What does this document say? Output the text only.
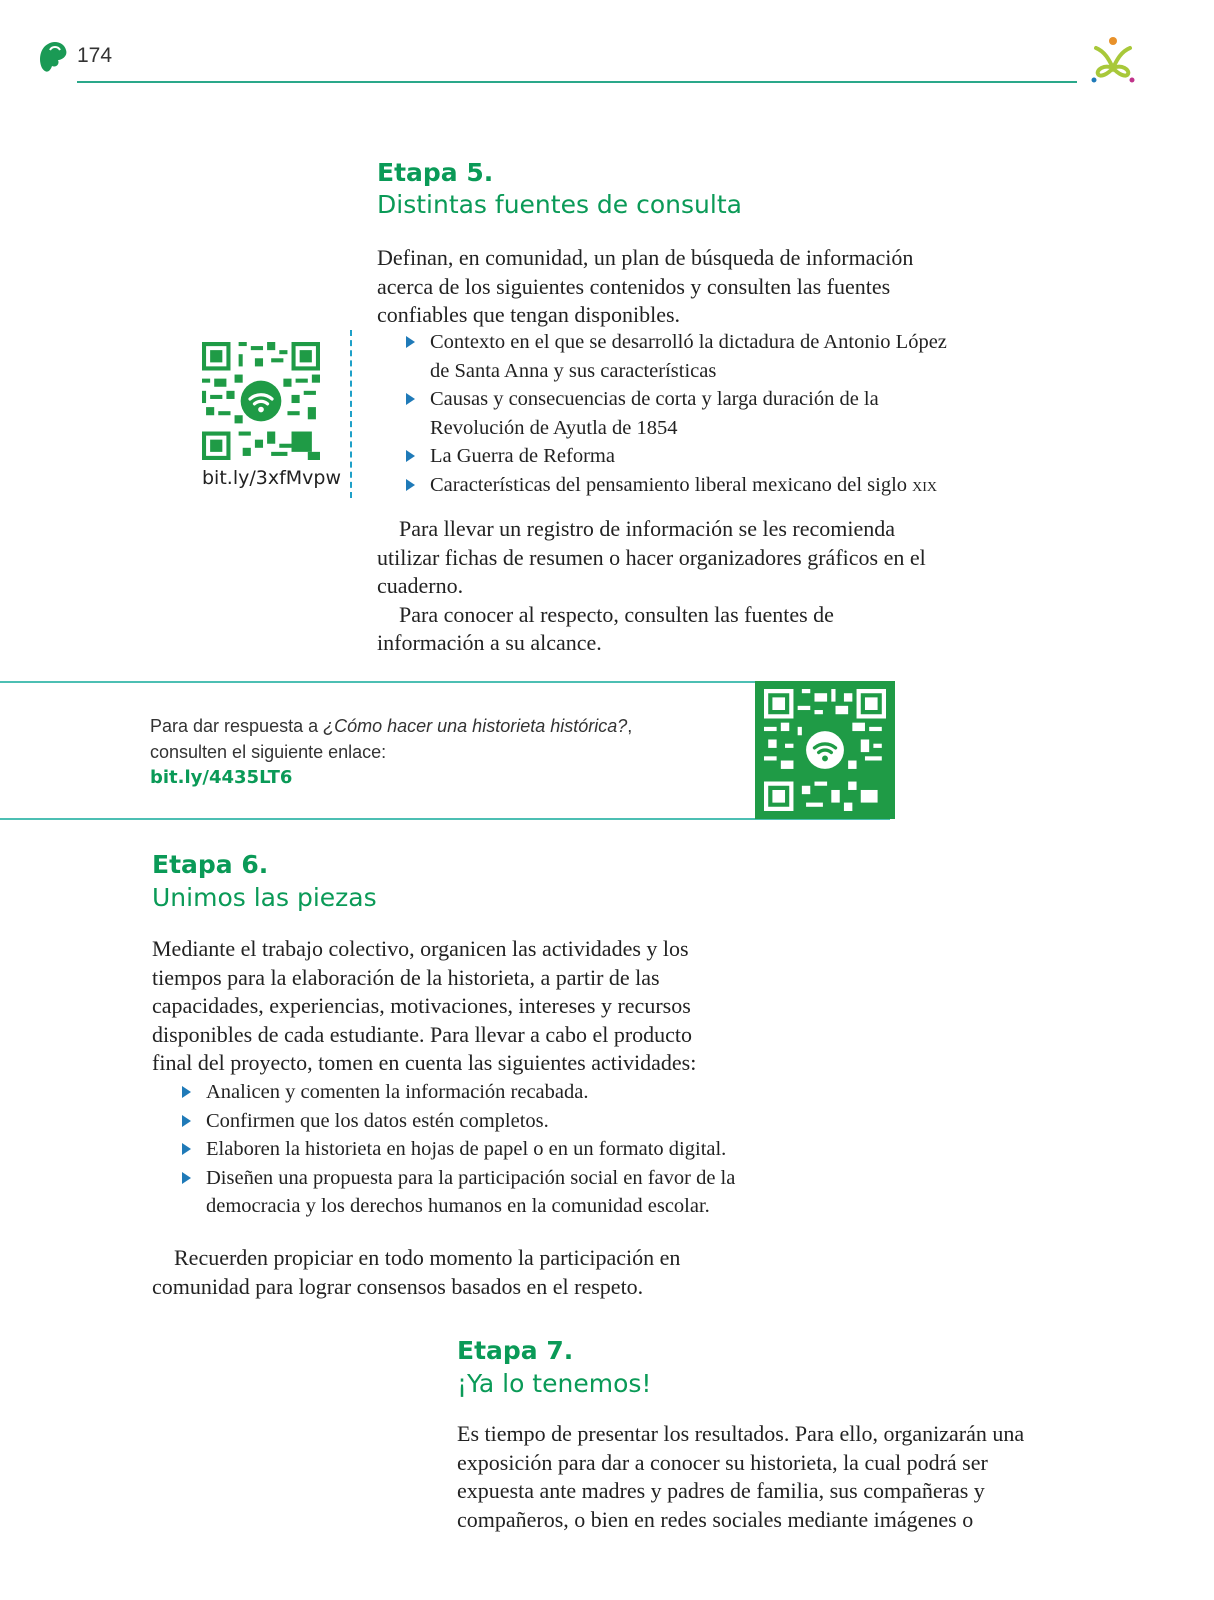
174
Etapa 5.
Distintas fuentes de consulta

Definan, en comunidad, un plan de búsqueda de información acerca de los siguientes contenidos y consulten las fuentes confiables que tengan disponibles.

Contexto en el que se desarrolló la dictadura de Antonio López de Santa Anna y sus características
Causas y consecuencias de corta y larga duración de la Revolución de Ayutla de 1854
La Guerra de Reforma
Características del pensamiento liberal mexicano del siglo xix

Para llevar un registro de información se les recomienda utilizar fichas de resumen o hacer organizadores gráficos en el cuaderno.

Para conocer al respecto, consulten las fuentes de información a su alcance.

bit.ly/3xfMvpw
Para dar respuesta a ¿Cómo hacer una historieta histórica?,
consulten el siguiente enlace:
bit.ly/4435LT6
Etapa 6.
Unimos las piezas

Mediante el trabajo colectivo, organicen las actividades y los tiempos para la elaboración de la historieta, a partir de las capacidades, experiencias, motivaciones, intereses y recursos disponibles de cada estudiante. Para llevar a cabo el producto final del proyecto, tomen en cuenta las siguientes actividades:

Analicen y comenten la información recabada.
Confirmen que los datos estén completos.
Elaboren la historieta en hojas de papel o en un formato digital.
Diseñen una propuesta para la participación social en favor de la democracia y los derechos humanos en la comunidad escolar.

Recuerden propiciar en todo momento la participación en comunidad para lograr consensos basados en el respeto.

Etapa 7.
¡Ya lo tenemos!

Es tiempo de presentar los resultados. Para ello, organizarán una exposición para dar a conocer su historieta, la cual podrá ser expuesta ante madres y padres de familia, sus compañeras y compañeros, o bien en redes sociales mediante imágenes o
